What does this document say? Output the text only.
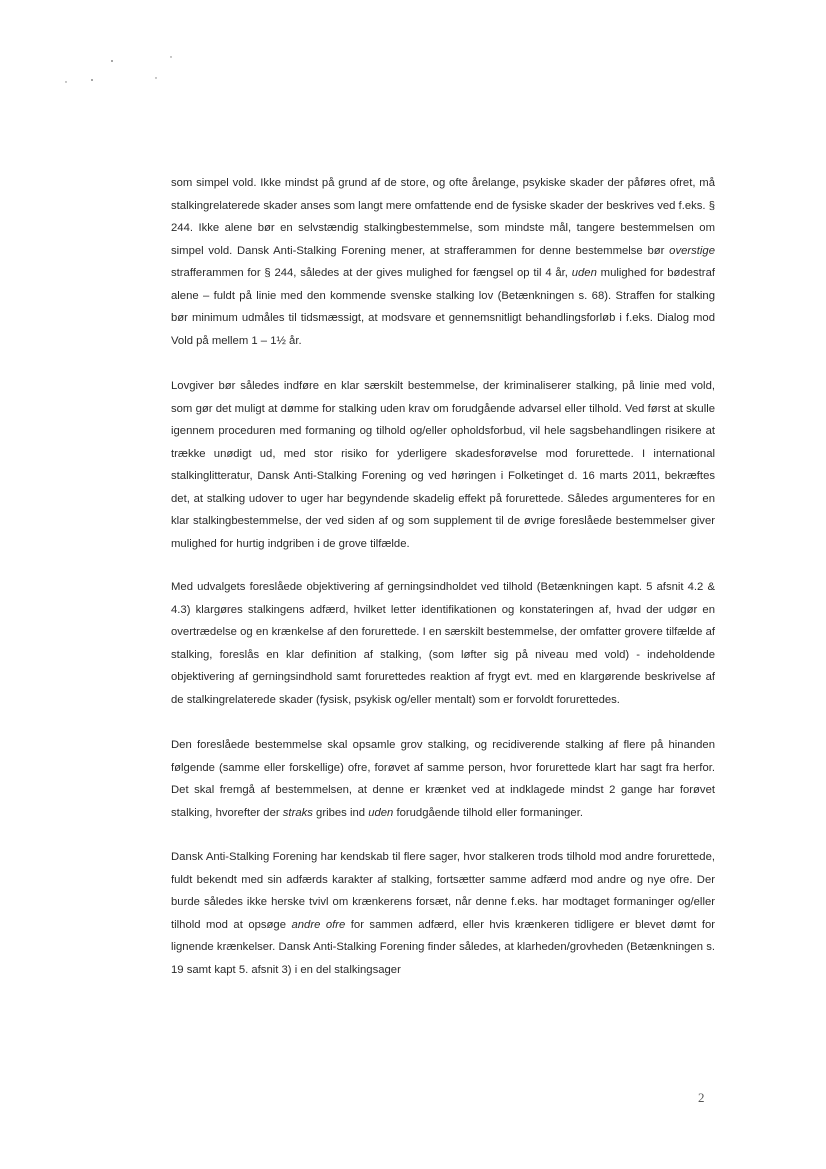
som simpel vold. Ikke mindst på grund af de store, og ofte årelange, psykiske skader der påføres ofret, må stalkingrelaterede skader anses som langt mere omfattende end de fysiske skader der beskrives ved f.eks. § 244. Ikke alene bør en selvstændig stalkingbestemmelse, som mindste mål, tangere bestemmelsen om simpel vold. Dansk Anti-Stalking Forening mener, at strafferammen for denne bestemmelse bør overstige strafferammen for § 244, således at der gives mulighed for fængsel op til 4 år, uden mulighed for bødestraf alene – fuldt på linie med den kommende svenske stalking lov (Betænkningen s. 68). Straffen for stalking bør minimum udmåles til tidsmæssigt, at modsvare et gennemsnitligt behandlingsforløb i f.eks. Dialog mod Vold på mellem 1 – 1½ år.

Lovgiver bør således indføre en klar særskilt bestemmelse, der kriminaliserer stalking, på linie med vold, som gør det muligt at dømme for stalking uden krav om forudgående advarsel eller tilhold. Ved først at skulle igennem proceduren med formaning og tilhold og/eller opholdsforbud, vil hele sagsbehandlingen risikere at trække unødigt ud, med stor risiko for yderligere skadesforøvelse mod forurettede. I international stalkinglitteratur, Dansk Anti-Stalking Forening og ved høringen i Folketinget d. 16 marts 2011, bekræftes det, at stalking udover to uger har begyndende skadelig effekt på forurettede. Således argumenteres for en klar stalkingbestemmelse, der ved siden af og som supplement til de øvrige foreslåede bestemmelser giver mulighed for hurtig indgriben i de grove tilfælde.

Med udvalgets foreslåede objektivering af gerningsindholdet ved tilhold (Betænkningen kapt. 5 afsnit 4.2 & 4.3) klargøres stalkingens adfærd, hvilket letter identifikationen og konstateringen af, hvad der udgør en overtrædelse og en krænkelse af den forurettede. I en særskilt bestemmelse, der omfatter grovere tilfælde af stalking, foreslås en klar definition af stalking, (som løfter sig på niveau med vold) - indeholdende objektivering af gerningsindhold samt forurettedes reaktion af frygt evt. med en klargørende beskrivelse af de stalkingrelaterede skader (fysisk, psykisk og/eller mentalt) som er forvoldt forurettedes.

Den foreslåede bestemmelse skal opsamle grov stalking, og recidiverende stalking af flere på hinanden følgende (samme eller forskellige) ofre, forøvet af samme person, hvor forurettede klart har sagt fra herfor. Det skal fremgå af bestemmelsen, at denne er krænket ved at indklagede mindst 2 gange har forøvet stalking, hvorefter der straks gribes ind uden forudgående tilhold eller formaninger.

Dansk Anti-Stalking Forening har kendskab til flere sager, hvor stalkeren trods tilhold mod andre forurettede, fuldt bekendt med sin adfærds karakter af stalking, fortsætter samme adfærd mod andre og nye ofre. Der burde således ikke herske tvivl om krænkerens forsæt, når denne f.eks. har modtaget formaninger og/eller tilhold mod at opsøge andre ofre for sammen adfærd, eller hvis krænkeren tidligere er blevet dømt for lignende krænkelser. Dansk Anti-Stalking Forening finder således, at klarheden/grovheden (Betænkningen s. 19 samt kapt 5. afsnit 3) i en del stalkingsager

2
